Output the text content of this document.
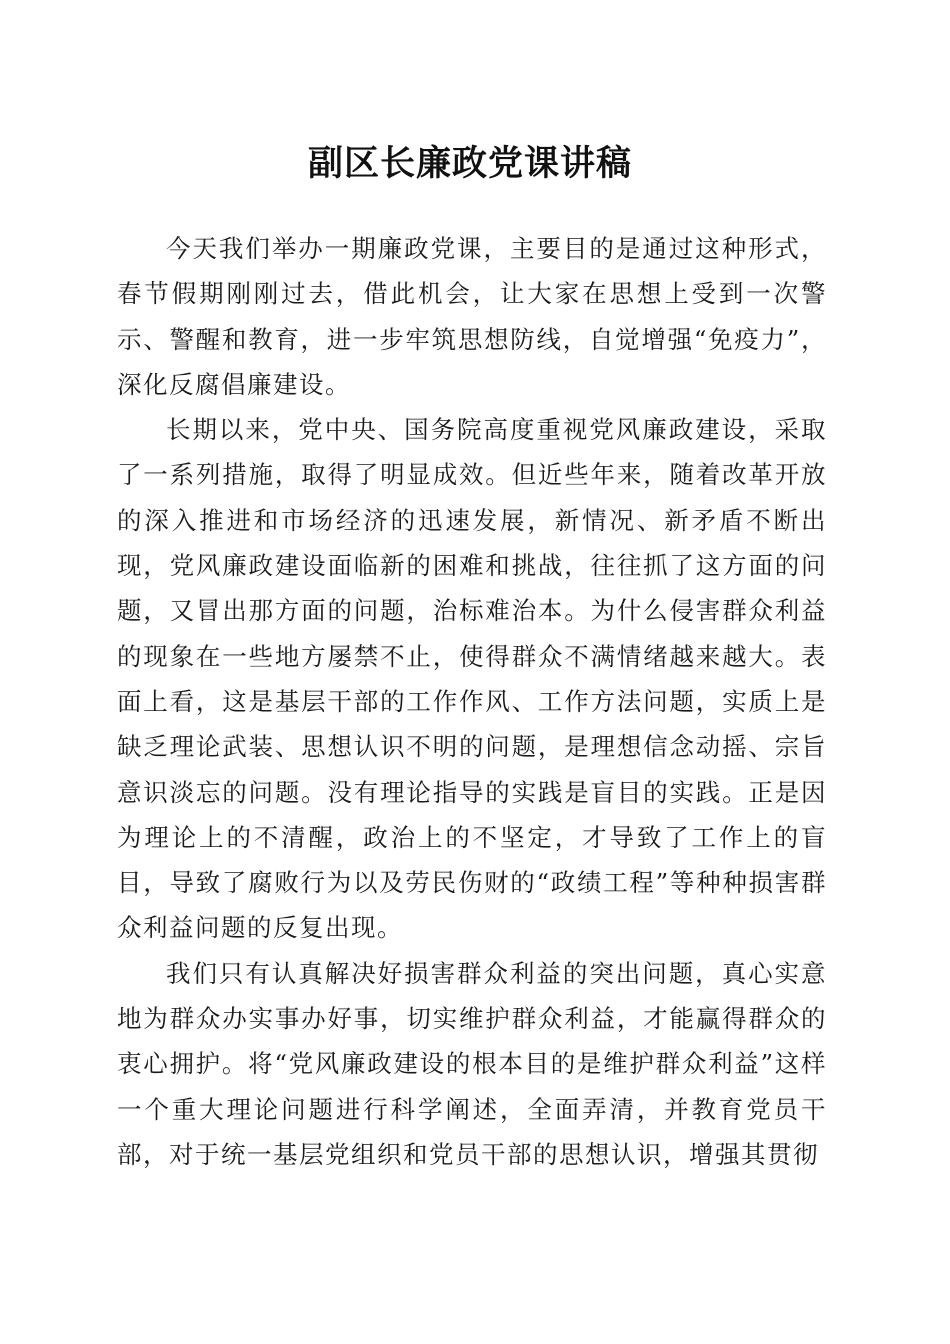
副区长廉政党课讲稿

今天我们举办一期廉政党课，主要目的是通过这种形式，春节假期刚刚过去，借此机会，让大家在思想上受到一次警示、警醒和教育，进一步牢筑思想防线，自觉增强“免疫力”，深化反腐倡廉建设。

长期以来，党中央、国务院高度重视党风廉政建设，采取了一系列措施，取得了明显成效。但近些年来，随着改革开放的深入推进和市场经济的迅速发展，新情况、新矛盾不断出现，党风廉政建设面临新的困难和挑战，往往抓了这方面的问题，又冒出那方面的问题，治标难治本。为什么侵害群众利益的现象在一些地方屡禁不止，使得群众不满情绪越来越大。表面上看，这是基层干部的工作作风、工作方法问题，实质上是缺乏理论武装、思想认识不明的问题，是理想信念动摇、宗旨意识淡忘的问题。没有理论指导的实践是盲目的实践。正是因为理论上的不清醒，政治上的不坚定，才导致了工作上的盲目，导致了腐败行为以及劳民伤财的“政绩工程”等种种损害群众利益问题的反复出现。

我们只有认真解决好损害群众利益的突出问题，真心实意地为群众办实事办好事，切实维护群众利益，才能赢得群众的衷心拥护。将“党风廉政建设的根本目的是维护群众利益”这样一个重大理论问题进行科学阐述，全面弄清，并教育党员干部，对于统一基层党组织和党员干部的思想认识，增强其贯彻
